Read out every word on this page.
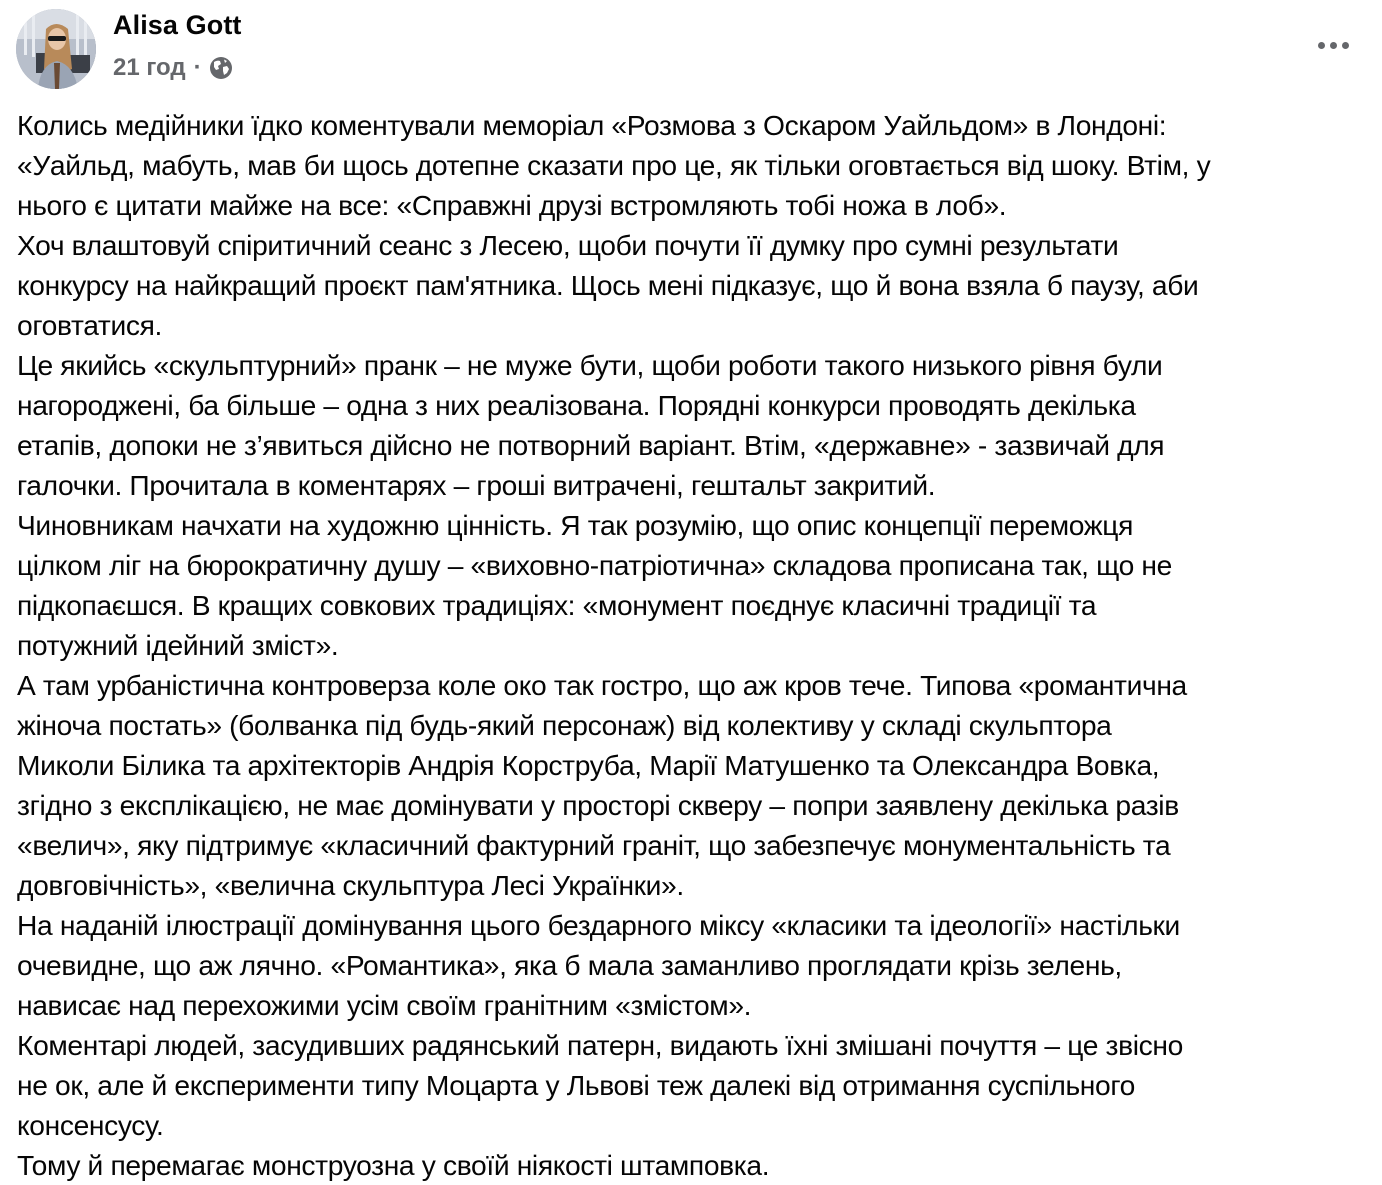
Alisa Gott
21 год ·
Колись медійники їдко коментували меморіал «Розмова з Оскаром Уайльдом» в Лондоні:
«Уайльд, мабуть, мав би щось дотепне сказати про це, як тільки оговтається від шоку. Втім, у
нього є цитати майже на все: «Справжні друзі встромляють тобі ножа в лоб».
Хоч влаштовуй спіритичний сеанс з Лесею, щоби почути її думку про сумні результати
конкурсу на найкращий проєкт пам'ятника. Щось мені підказує, що й вона взяла б паузу, аби
оговтатися.
Це якийсь «скульптурний» пранк – не муже бути, щоби роботи такого низького рівня були
нагороджені, ба більше – одна з них реалізована. Порядні конкурси проводять декілька
етапів, допоки не з’явиться дійсно не потворний варіант. Втім, «державне» - зазвичай для
галочки. Прочитала в коментарях – гроші витрачені, гештальт закритий.
Чиновникам начхати на художню цінність. Я так розумію, що опис концепції переможця
цілком ліг на бюрократичну душу – «виховно-патріотична» складова прописана так, що не
підкопаєшся. В кращих совкових традиціях: «монумент поєднує класичні традиції та
потужний ідейний зміст».
А там урбаністична контроверза коле око так гостро, що аж кров тече. Типова «романтична
жіноча постать» (болванка під будь-який персонаж) від колективу у складі скульптора
Миколи Білика та архітекторів Андрія Корструба, Марії Матушенко та Олександра Вовка,
згідно з експлікацією, не має домінувати у просторі скверу – попри заявлену декілька разів
«велич», яку підтримує «класичний фактурний граніт, що забезпечує монументальність та
довговічність», «велична скульптура Лесі Українки».
На наданій ілюстрації домінування цього бездарного міксу «класики та ідеології» настільки
очевидне, що аж лячно. «Романтика», яка б мала заманливо проглядати крізь зелень,
нависає над перехожими усім своїм гранітним «змістом».
Коментарі людей, засудивших радянський патерн, видають їхні змішані почуття – це звісно
не ок, але й експерименти типу Моцарта у Львові теж далекі від отримання суспільного
консенсусу.
Тому й перемагає монструозна у своїй ніякості штамповка.
